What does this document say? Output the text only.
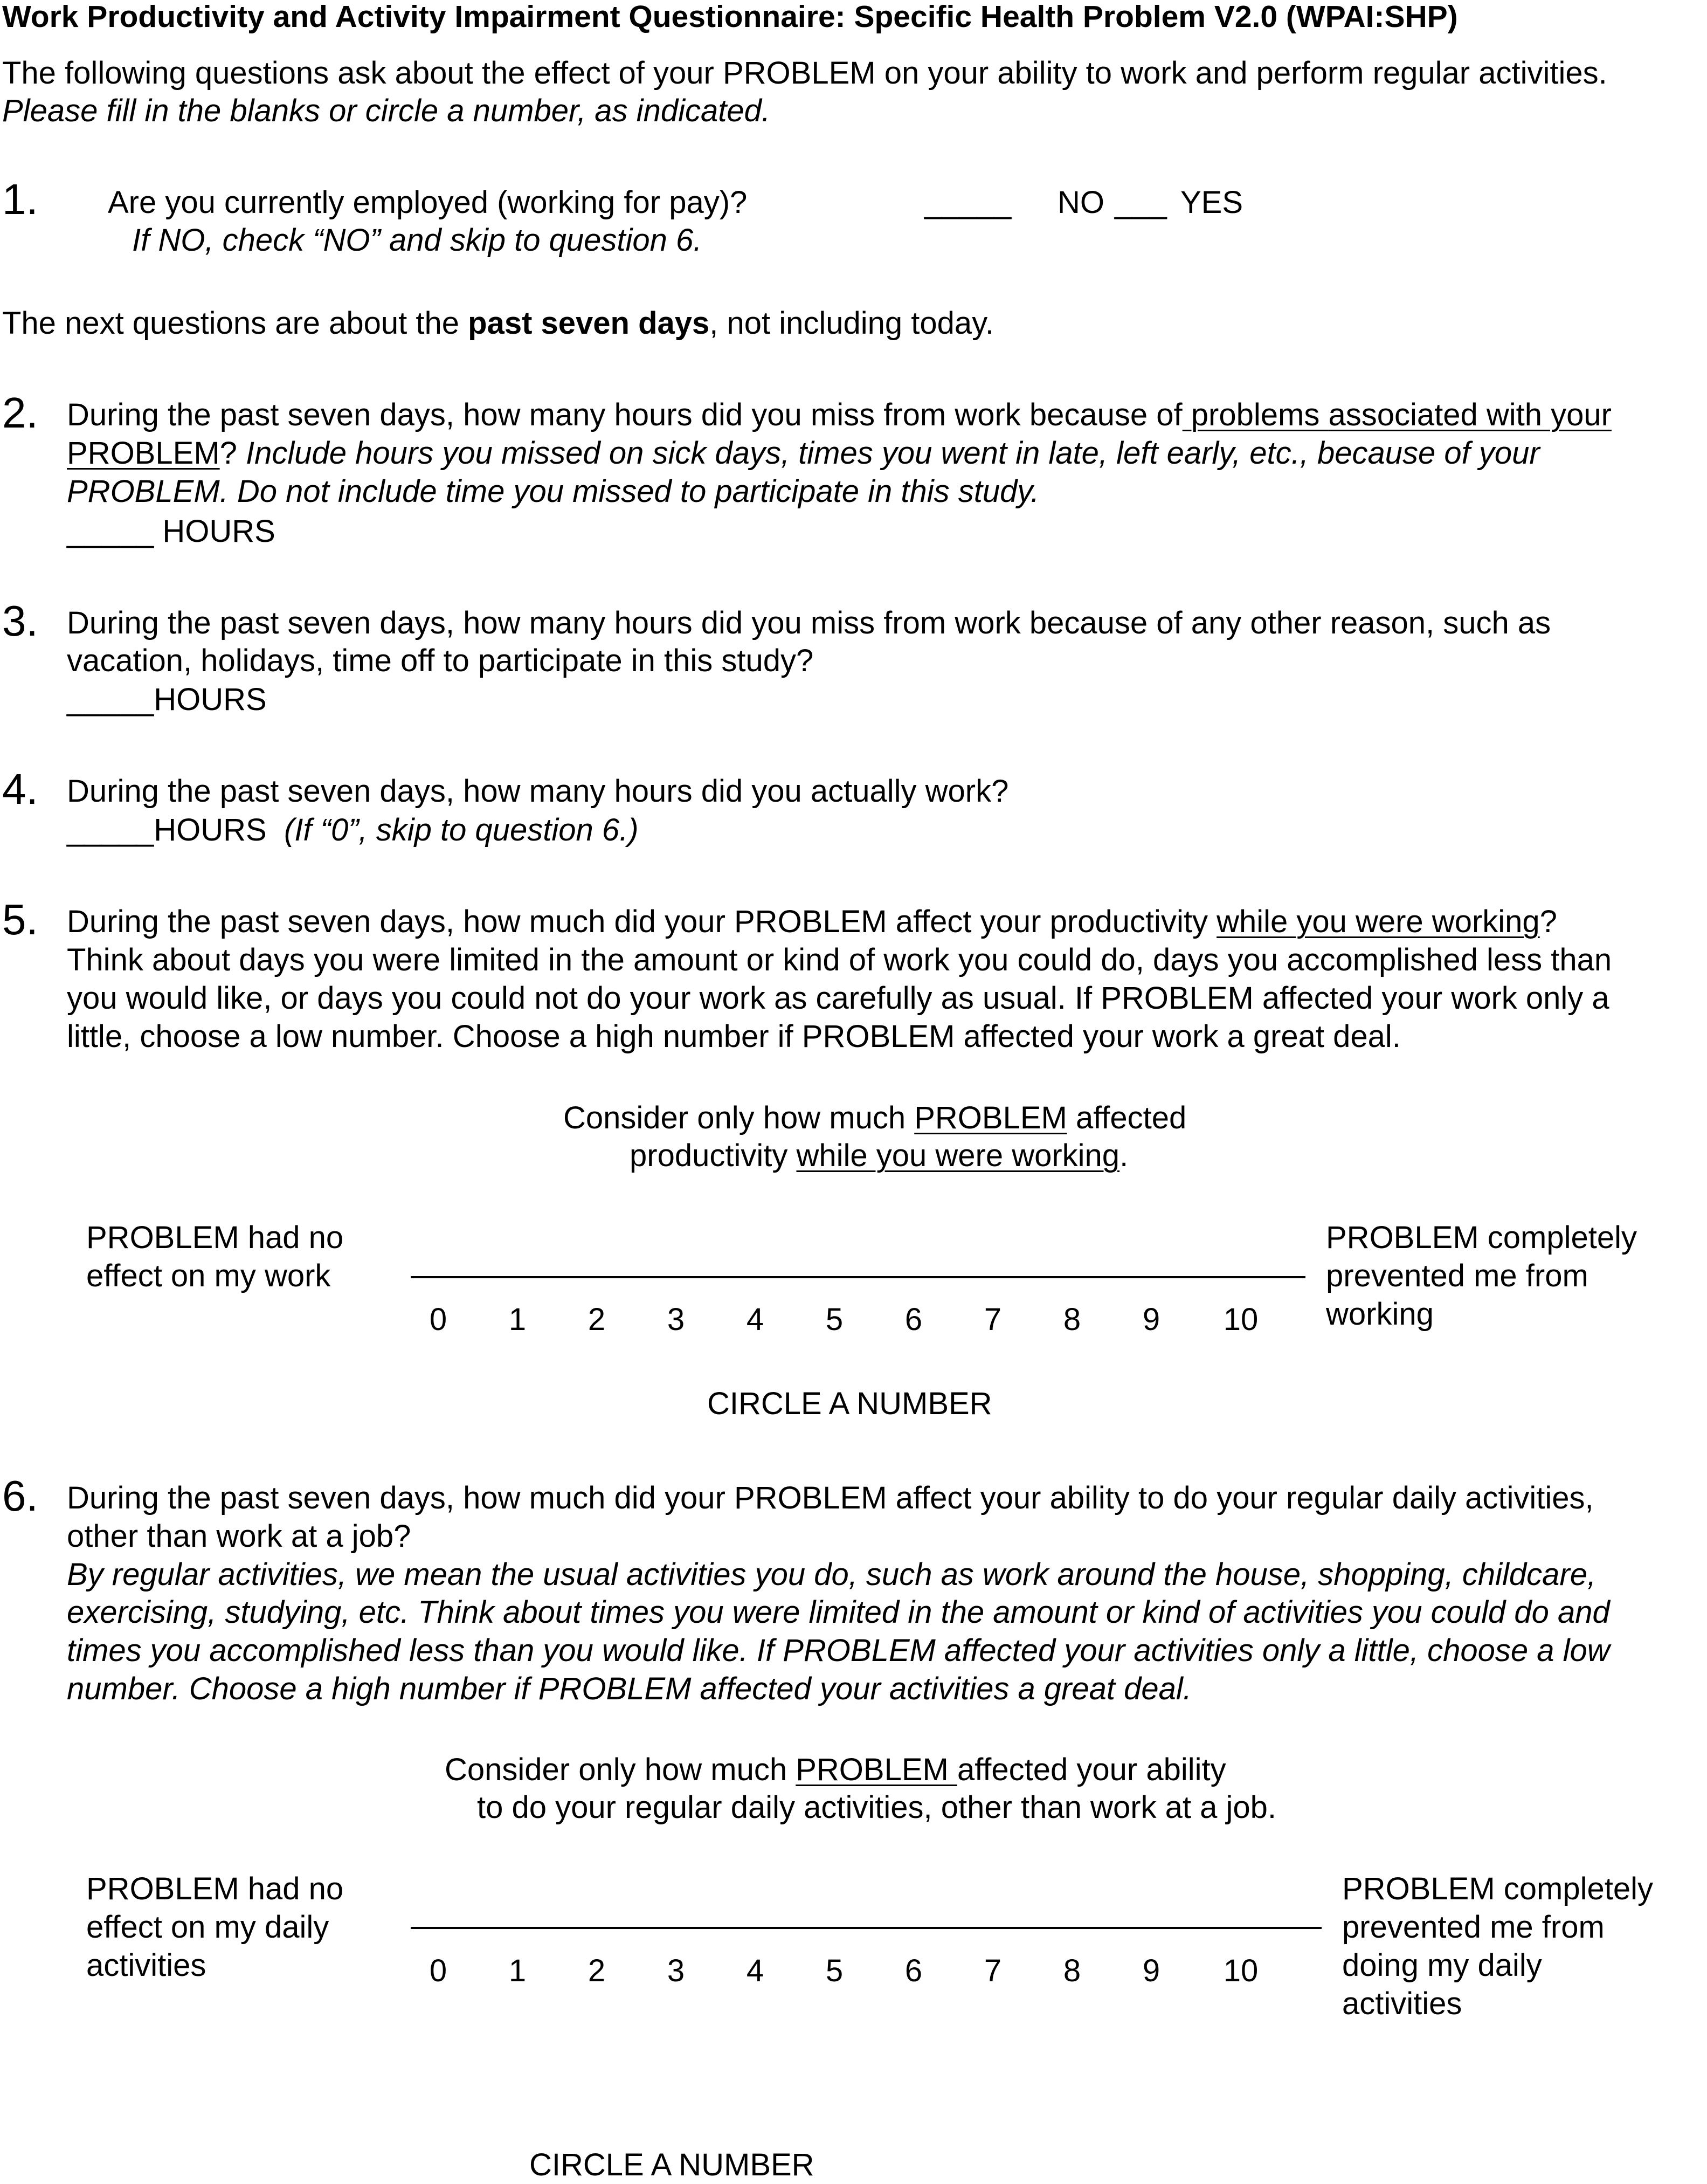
Work Productivity and Activity Impairment Questionnaire: Specific Health Problem V2.0 (WPAI:SHP)
The following questions ask about the effect of your PROBLEM on your ability to work and perform regular activities.
Please fill in the blanks or circle a number, as indicated.
1. Are you currently employed (working for pay)?	_____ NO ___ YES
If NO, check “NO” and skip to question 6.
The next questions are about the past seven days, not including today.
2. During the past seven days, how many hours did you miss from work because of problems associated with your
PROBLEM? Include hours you missed on sick days, times you went in late, left early, etc., because of your
PROBLEM. Do not include time you missed to participate in this study.
_____ HOURS
3. During the past seven days, how many hours did you miss from work because of any other reason, such as
vacation, holidays, time off to participate in this study?
_____HOURS
4. During the past seven days, how many hours did you actually work?
_____HOURS (If “0”, skip to question 6.)
5. During the past seven days, how much did your PROBLEM affect your productivity while you were working?
Think about days you were limited in the amount or kind of work you could do, days you accomplished less than
you would like, or days you could not do your work as carefully as usual. If PROBLEM affected your work only a
little, choose a low number. Choose a high number if PROBLEM affected your work a great deal.
Consider only how much PROBLEM affected
productivity while you were working.
PROBLEM had no
effect on my work
PROBLEM completely
prevented me from
working
0	1	2	3	4	5	6	7	8	9	10
CIRCLE A NUMBER
6. During the past seven days, how much did your PROBLEM affect your ability to do your regular daily activities,
other than work at a job?
By regular activities, we mean the usual activities you do, such as work around the house, shopping, childcare,
exercising, studying, etc. Think about times you were limited in the amount or kind of activities you could do and
times you accomplished less than you would like. If PROBLEM affected your activities only a little, choose a low
number. Choose a high number if PROBLEM affected your activities a great deal.
Consider only how much PROBLEM affected your ability
to do your regular daily activities, other than work at a job.
PROBLEM had no
effect on my daily
activities
PROBLEM completely
prevented me from
doing my daily
activities
0	1	2	3	4	5	6	7	8	9	10
CIRCLE A NUMBER
